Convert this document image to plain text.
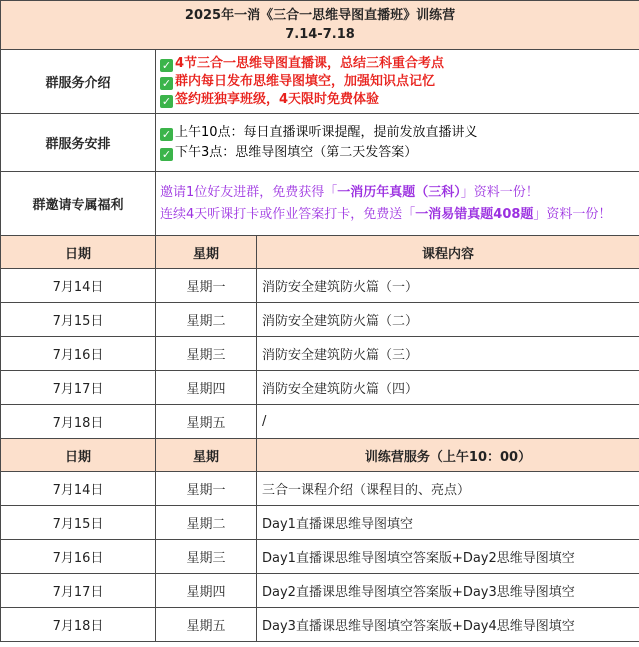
2025年一消《三合一思维导图直播班》训练营
7.14-7.18		

群服务介绍	✓ 4节三合一思维导图直播课，总结三科重合考点
✓ 群内每日发布思维导图填空，加强知识点记忆
✓ 签约班独享班级，4天限时免费体验	

群服务安排	✓ 上午10点：每日直播课听课提醒，提前发放直播讲义
✓ 下午3点：思维导图填空（第二天发答案）	

群邀请专属福利	邀请1位好友进群，免费获得「一消历年真题（三科）」资料一份！
连续4天听课打卡或作业答案打卡，免费送「一消易错真题408题」资料一份！	

日期	星期	课程内容
7月14日	星期一	消防安全建筑防火篇（一）
7月15日	星期二	消防安全建筑防火篇（二）
7月16日	星期三	消防安全建筑防火篇（三）
7月17日	星期四	消防安全建筑防火篇（四）
7月18日	星期五	/
日期	星期	训练营服务（上午10：00）
7月14日	星期一	三合一课程介绍（课程目的、亮点）
7月15日	星期二	Day1直播课思维导图填空
7月16日	星期三	Day1直播课思维导图填空答案版+Day2思维导图填空
7月17日	星期四	Day2直播课思维导图填空答案版+Day3思维导图填空
7月18日	星期五	Day3直播课思维导图填空答案版+Day4思维导图填空
